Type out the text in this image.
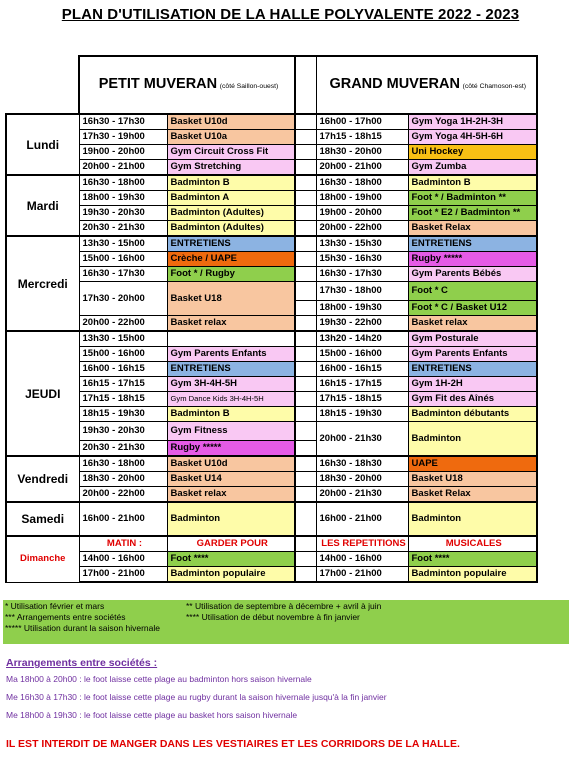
PLAN D'UTILISATION DE LA HALLE POLYVALENTE 2022 - 2023
	PETIT MUVERAN (côté Saillon-ouest)			GRAND MUVERAN (côté Chamoson-est)	
Lundi	16h30 - 17h30	Basket U10d		16h00 - 17h00	Gym Yoga 1H-2H-3H
	17h30 - 19h00	Basket U10a		17h15 - 18h15	Gym Yoga 4H-5H-6H
	19h00 - 20h00	Gym Circuit Cross Fit		18h30 - 20h00	Uni Hockey
	20h00 - 21h00	Gym Stretching		20h00 - 21h00	Gym Zumba
Mardi	16h30 - 18h00	Badminton B		16h30 - 18h00	Badminton B
	18h00 - 19h30	Badminton A		18h00 - 19h00	Foot * / Badminton **
	19h30 - 20h30	Badminton (Adultes)		19h00 - 20h00	Foot * E2 / Badminton **
	20h30 - 21h30	Badminton (Adultes)		20h00 - 22h00	Basket Relax
Mercredi	13h30 - 15h00	ENTRETIENS		13h30 - 15h30	ENTRETIENS
	15h00 - 16h00	Crèche / UAPE		15h30 - 16h30	Rugby *****
	16h30 - 17h30	Foot * / Rugby		16h30 - 17h30	Gym Parents Bébés
	17h30 - 20h00	Basket U18		17h30 - 18h00	Foot * C
				18h00 - 19h30	Foot * C / Basket U12
	20h00 - 22h00	Basket relax		19h30 - 22h00	Basket relax
JEUDI	13h30 - 15h00			13h20 - 14h20	Gym Posturale
	15h00 - 16h00	Gym Parents Enfants		15h00 - 16h00	Gym Parents Enfants
	16h00 - 16h15	ENTRETIENS		16h00 - 16h15	ENTRETIENS
	16h15 - 17h15	Gym 3H-4H-5H		16h15 - 17h15	Gym 1H-2H
	17h15 - 18h15	Gym Dance Kids 3H-4H-5H		17h15 - 18h15	Gym Fit des Aînés
	18h15 - 19h30	Badminton B		18h15 - 19h30	Badminton débutants
	19h30 - 20h30	Gym Fitness		20h00 - 21h30	Badminton
	20h30 - 21h30	Rugby *****			
Vendredi	16h30 - 18h00	Basket U10d		16h30 - 18h30	UAPE
	18h30 - 20h00	Basket U14		18h30 - 20h00	Basket U18
	20h00 - 22h00	Basket relax		20h00 - 21h30	Basket Relax
Samedi	16h00 - 21h00	Badminton		16h00 - 21h00	Badminton
Dimanche	MATIN :	GARDER POUR		LES REPETITIONS	MUSICALES
	14h00 - 16h00	Foot ****		14h00 - 16h00	Foot ****
	17h00 - 21h00	Badminton populaire		17h00 - 21h00	Badminton populaire
* Utilisation février et mars	** Utilisation de septembre à décembre + avril à juin
*** Arrangements entre sociétés	**** Utilisation de début novembre à fin janvier
***** Utilisation durant la saison hivernale
Arrangements entre sociétés :
Ma 18h00 à 20h00 : le foot laisse cette plage au badminton hors saison hivernale
Me 16h30 à 17h30 : le foot laisse cette plage au rugby durant la saison hivernale jusqu'à la fin janvier
Me 18h00 à 19h30 : le foot laisse cette plage au basket hors saison hivernale
IL EST INTERDIT DE MANGER DANS LES VESTIAIRES ET LES CORRIDORS DE LA HALLE.
